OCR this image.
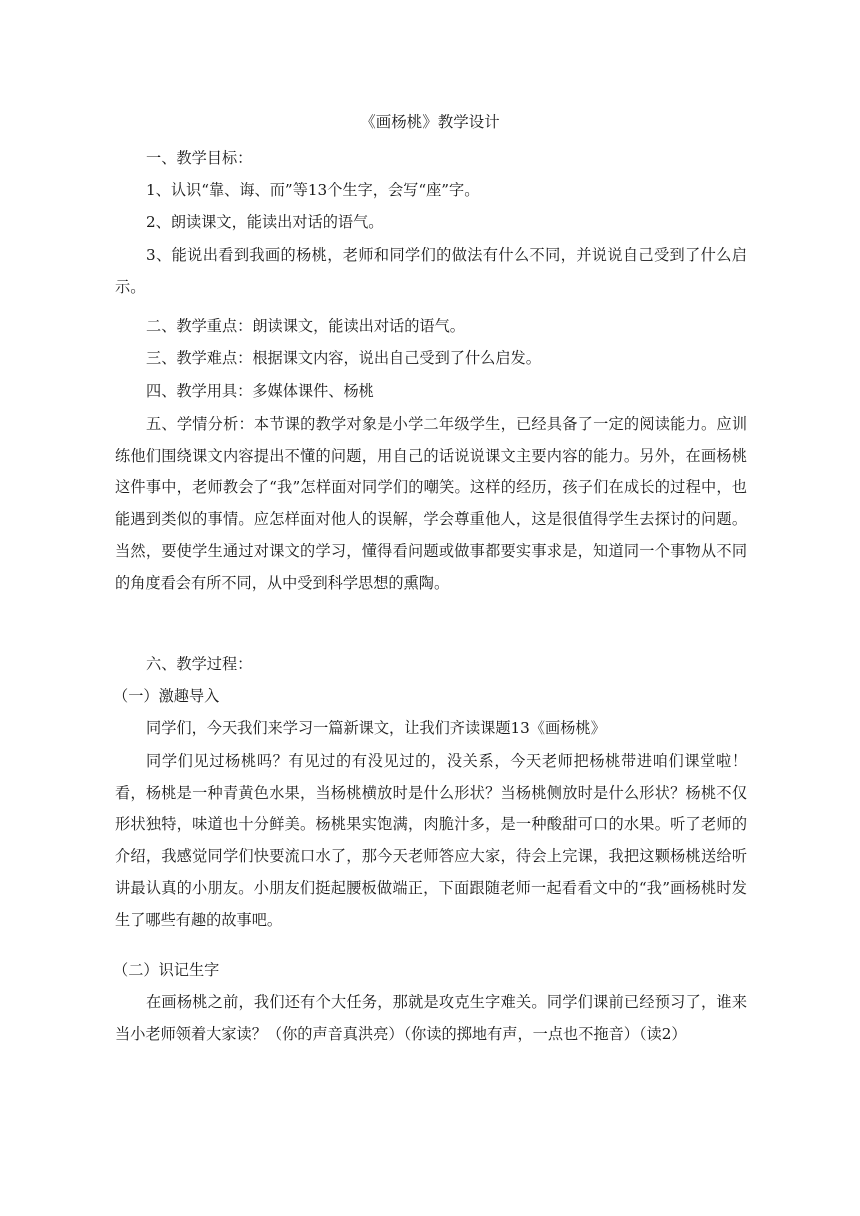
《画杨桃》教学设计
一、教学目标：
1、认识“靠、诲、而”等13个生字，会写“座”字。
2、朗读课文，能读出对话的语气。
3、能说出看到我画的杨桃，老师和同学们的做法有什么不同，并说说自己受到了什么启示。
二、教学重点：朗读课文，能读出对话的语气。
三、教学难点：根据课文内容，说出自己受到了什么启发。
四、教学用具：多媒体课件、杨桃
五、学情分析：本节课的教学对象是小学二年级学生，已经具备了一定的阅读能力。应训练他们围绕课文内容提出不懂的问题，用自己的话说说课文主要内容的能力。另外，在画杨桃这件事中，老师教会了“我”怎样面对同学们的嘲笑。这样的经历，孩子们在成长的过程中，也能遇到类似的事情。应怎样面对他人的误解，学会尊重他人，这是很值得学生去探讨的问题。当然，要使学生通过对课文的学习，懂得看问题或做事都要实事求是，知道同一个事物从不同的角度看会有所不同，从中受到科学思想的熏陶。
六、教学过程：
（一）激趣导入
同学们，今天我们来学习一篇新课文，让我们齐读课题13《画杨桃》
同学们见过杨桃吗？有见过的有没见过的，没关系，今天老师把杨桃带进咱们课堂啦！看，杨桃是一种青黄色水果，当杨桃横放时是什么形状？当杨桃侧放时是什么形状？杨桃不仅形状独特，味道也十分鲜美。杨桃果实饱满，肉脆汁多，是一种酸甜可口的水果。听了老师的介绍，我感觉同学们快要流口水了，那今天老师答应大家，待会上完课，我把这颗杨桃送给听讲最认真的小朋友。小朋友们挺起腰板做端正，下面跟随老师一起看看文中的“我”画杨桃时发生了哪些有趣的故事吧。
（二）识记生字
在画杨桃之前，我们还有个大任务，那就是攻克生字难关。同学们课前已经预习了，谁来当小老师领着大家读？（你的声音真洪亮）（你读的掷地有声，一点也不拖音）（读2）
